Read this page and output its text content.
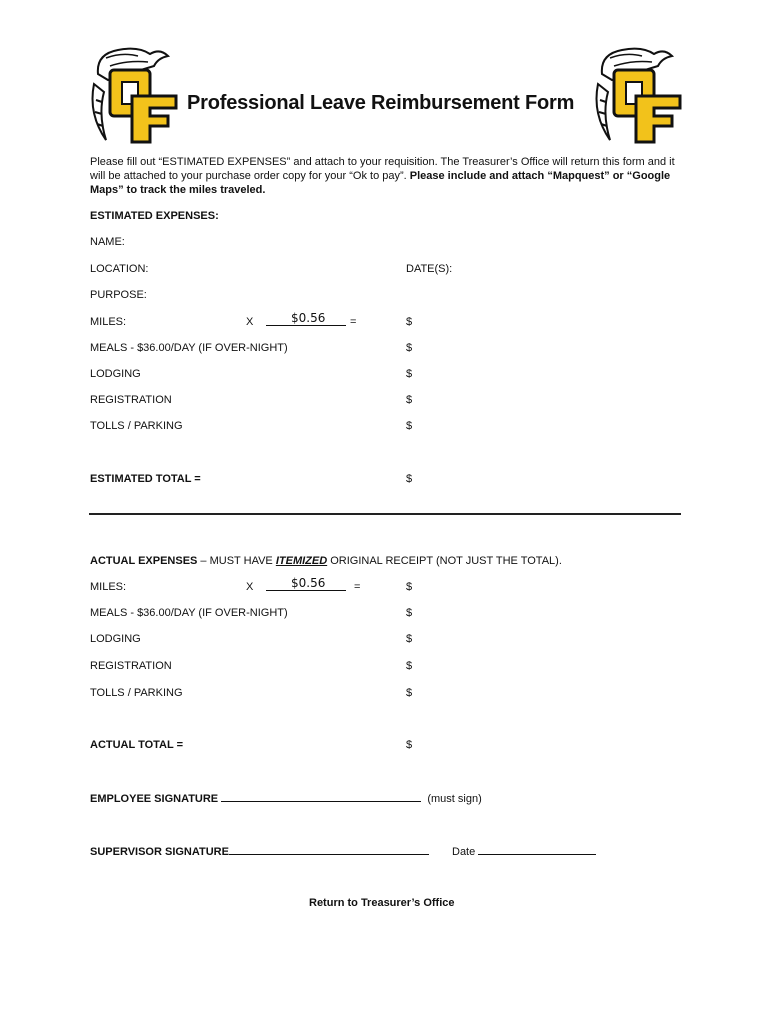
Professional Leave Reimbursement Form
Please fill out “ESTIMATED EXPENSES” and attach to your requisition. The Treasurer’s Office will return this form and it will be attached to your purchase order copy for your “Ok to pay”. Please include and attach “Mapquest” or “Google Maps” to track the miles traveled.
ESTIMATED EXPENSES:
NAME:
LOCATION:	DATE(S):
PURPOSE:
MILES:	X	$0.56 =	$
MEALS - $36.00/DAY (IF OVER-NIGHT)	$
LODGING	$
REGISTRATION	$
TOLLS / PARKING	$
ESTIMATED TOTAL =	$
ACTUAL EXPENSES – MUST HAVE ITEMIZED ORIGINAL RECEIPT (NOT JUST THE TOTAL).
MILES:	X	$0.56	=	$
MEALS - $36.00/DAY (IF OVER-NIGHT)	$
LODGING	$
REGISTRATION	$
TOLLS / PARKING	$
ACTUAL TOTAL =	$
EMPLOYEE SIGNATURE	(must sign)
SUPERVISOR SIGNATURE	Date
Return to Treasurer’s Office
